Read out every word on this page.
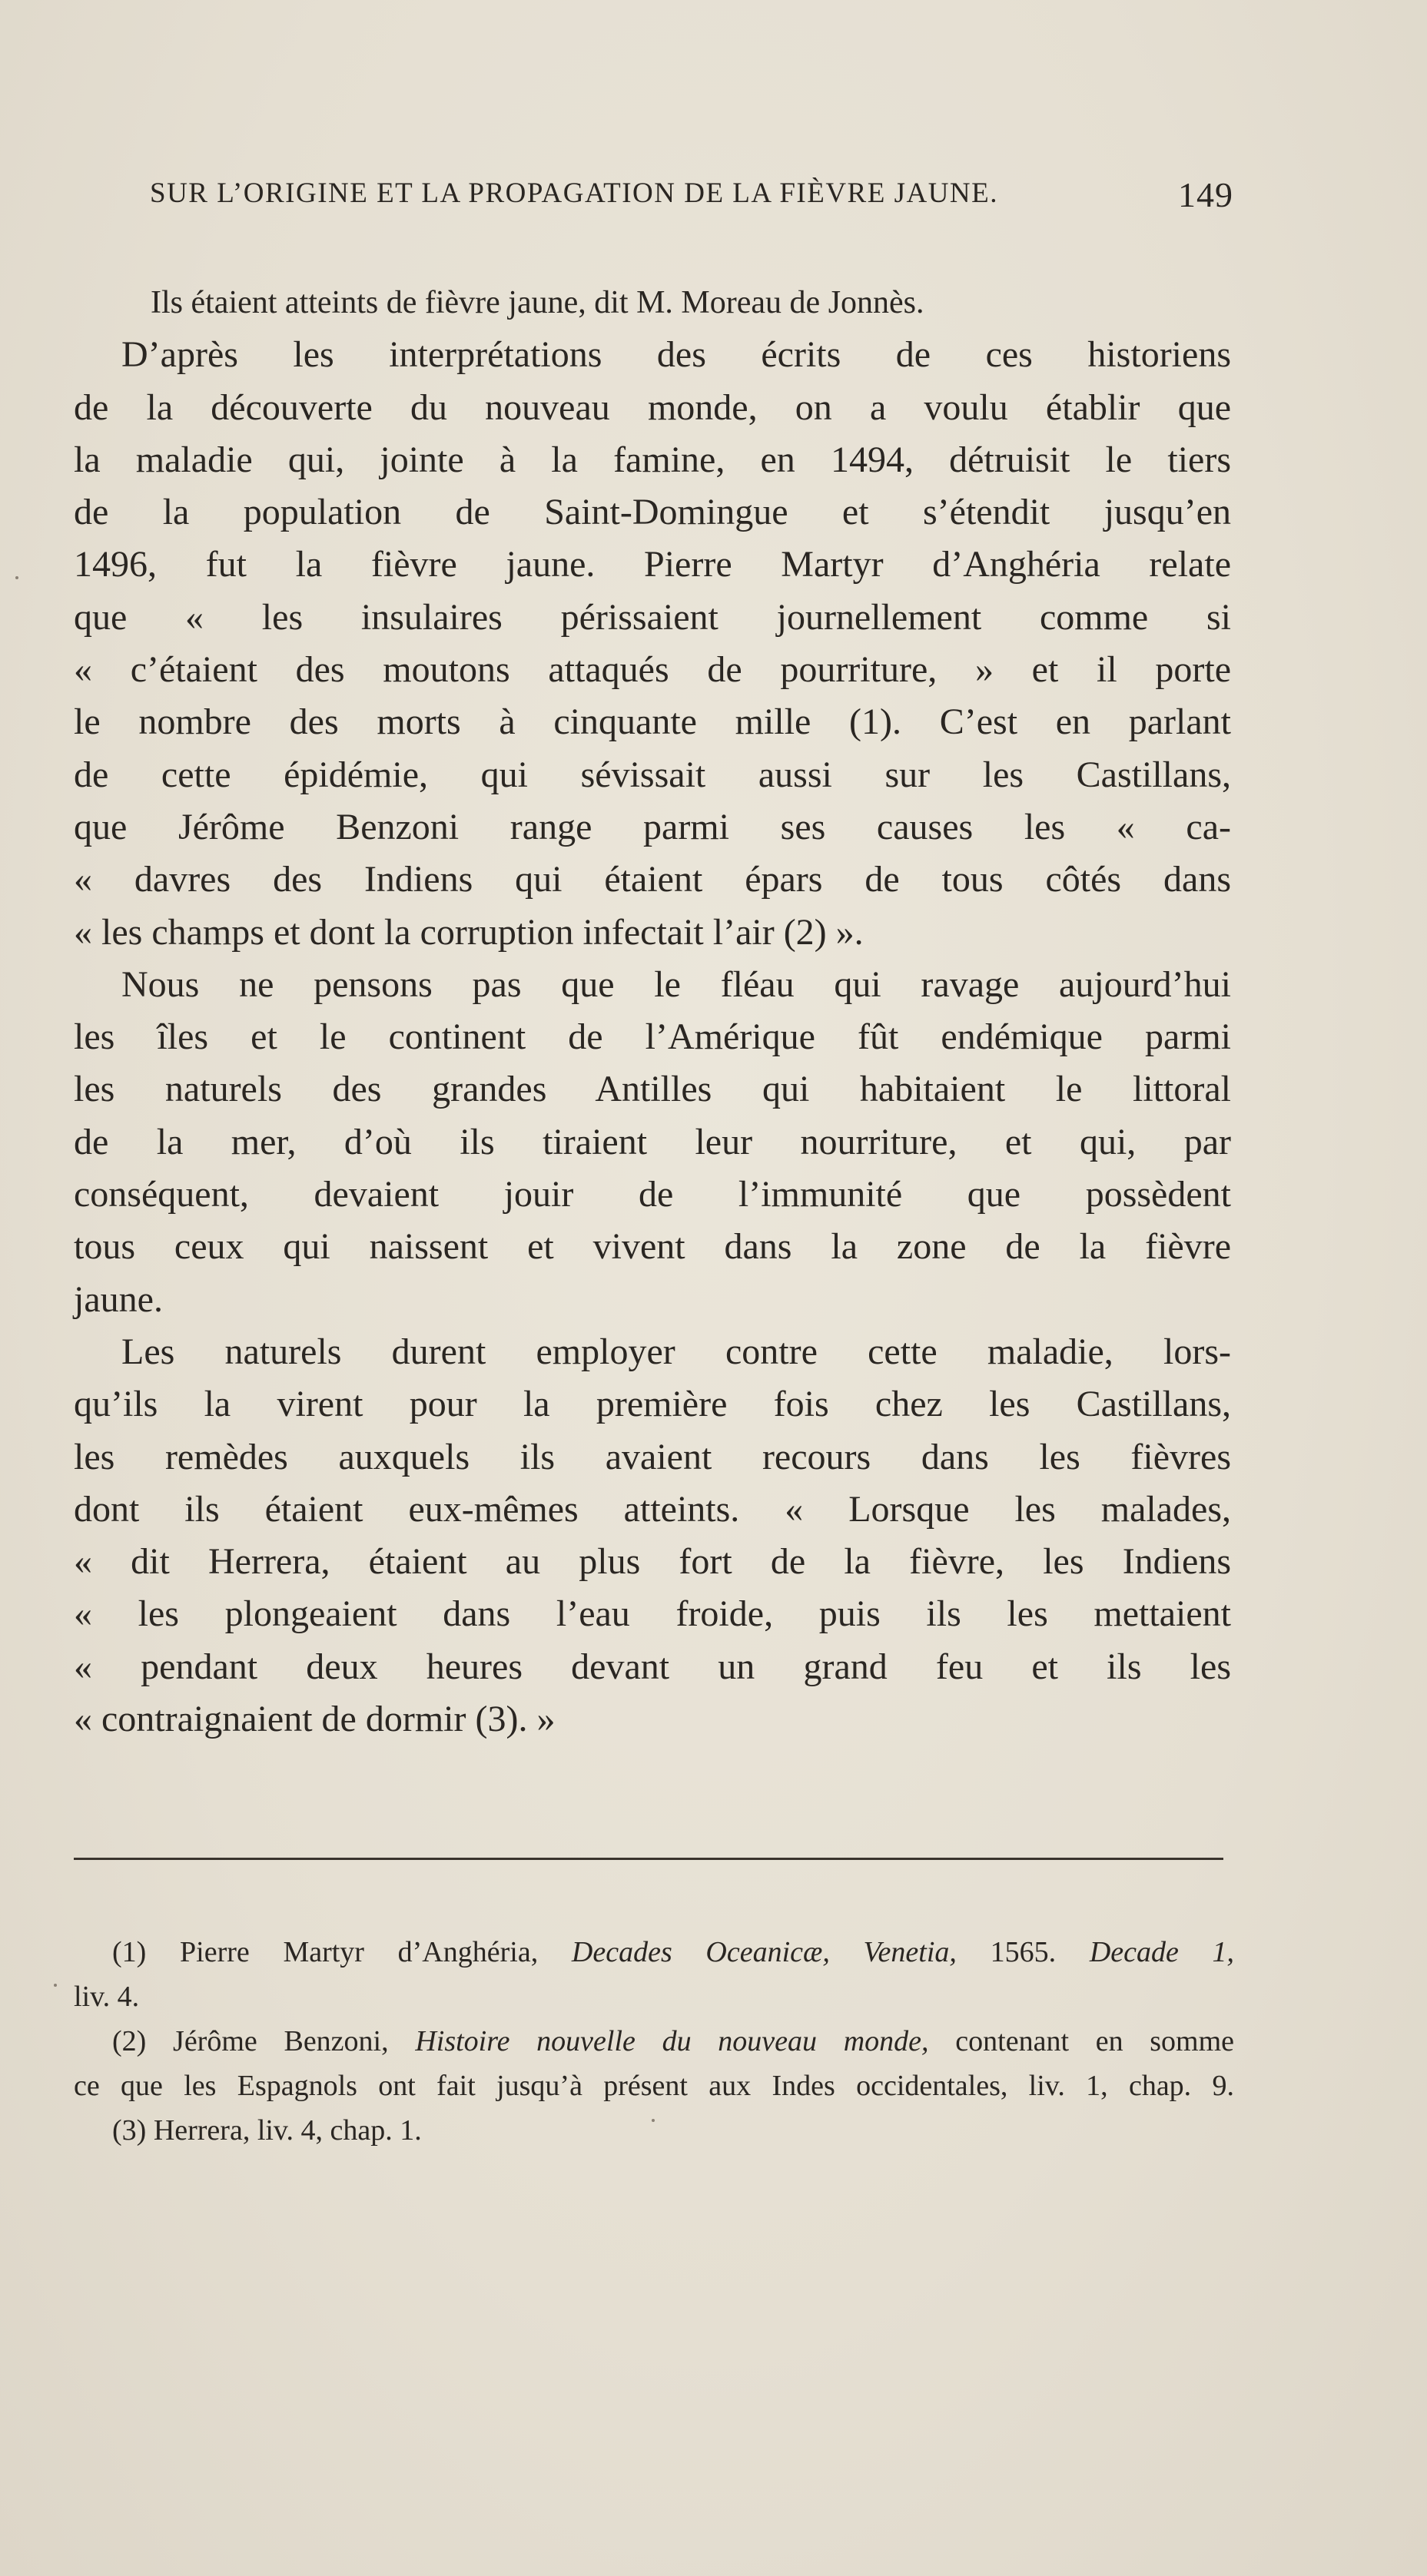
SUR L’ORIGINE ET LA PROPAGATION DE LA FIÈVRE JAUNE.	149
Ils étaient atteints de fièvre jaune, dit M. Moreau de Jonnès.
D’après les interprétations des écrits de ces historiens
de la découverte du nouveau monde, on a voulu établir que
la maladie qui, jointe à la famine, en 1494, détruisit le tiers
de la population de Saint-Domingue et s’étendit jusqu’en
1496, fut la fièvre jaune. Pierre Martyr d’Anghéria relate
que « les insulaires périssaient journellement comme si
« c’étaient des moutons attaqués de pourriture, » et il porte
le nombre des morts à cinquante mille (1). C’est en parlant
de cette épidémie, qui sévissait aussi sur les Castillans,
que Jérôme Benzoni range parmi ses causes les « ca-
« davres des Indiens qui étaient épars de tous côtés dans
« les champs et dont la corruption infectait l’air (2) ».
Nous ne pensons pas que le fléau qui ravage aujourd’hui
les îles et le continent de l’Amérique fût endémique parmi
les naturels des grandes Antilles qui habitaient le littoral
de la mer, d’où ils tiraient leur nourriture, et qui, par
conséquent, devaient jouir de l’immunité que possèdent
tous ceux qui naissent et vivent dans la zone de la fièvre
jaune.
Les naturels durent employer contre cette maladie, lors-
qu’ils la virent pour la première fois chez les Castillans,
les remèdes auxquels ils avaient recours dans les fièvres
dont ils étaient eux-mêmes atteints. « Lorsque les malades,
« dit Herrera, étaient au plus fort de la fièvre, les Indiens
« les plongeaient dans l’eau froide, puis ils les mettaient
« pendant deux heures devant un grand feu et ils les
« contraignaient de dormir (3). »
(1) Pierre Martyr d’Anghéria, Decades Oceanicæ, Venetia, 1565. Decade 1,
liv. 4.
(2) Jérôme Benzoni, Histoire nouvelle du nouveau monde, contenant en somme
ce que les Espagnols ont fait jusqu’à présent aux Indes occidentales, liv. 1, chap. 9.
(3) Herrera, liv. 4, chap. 1.
